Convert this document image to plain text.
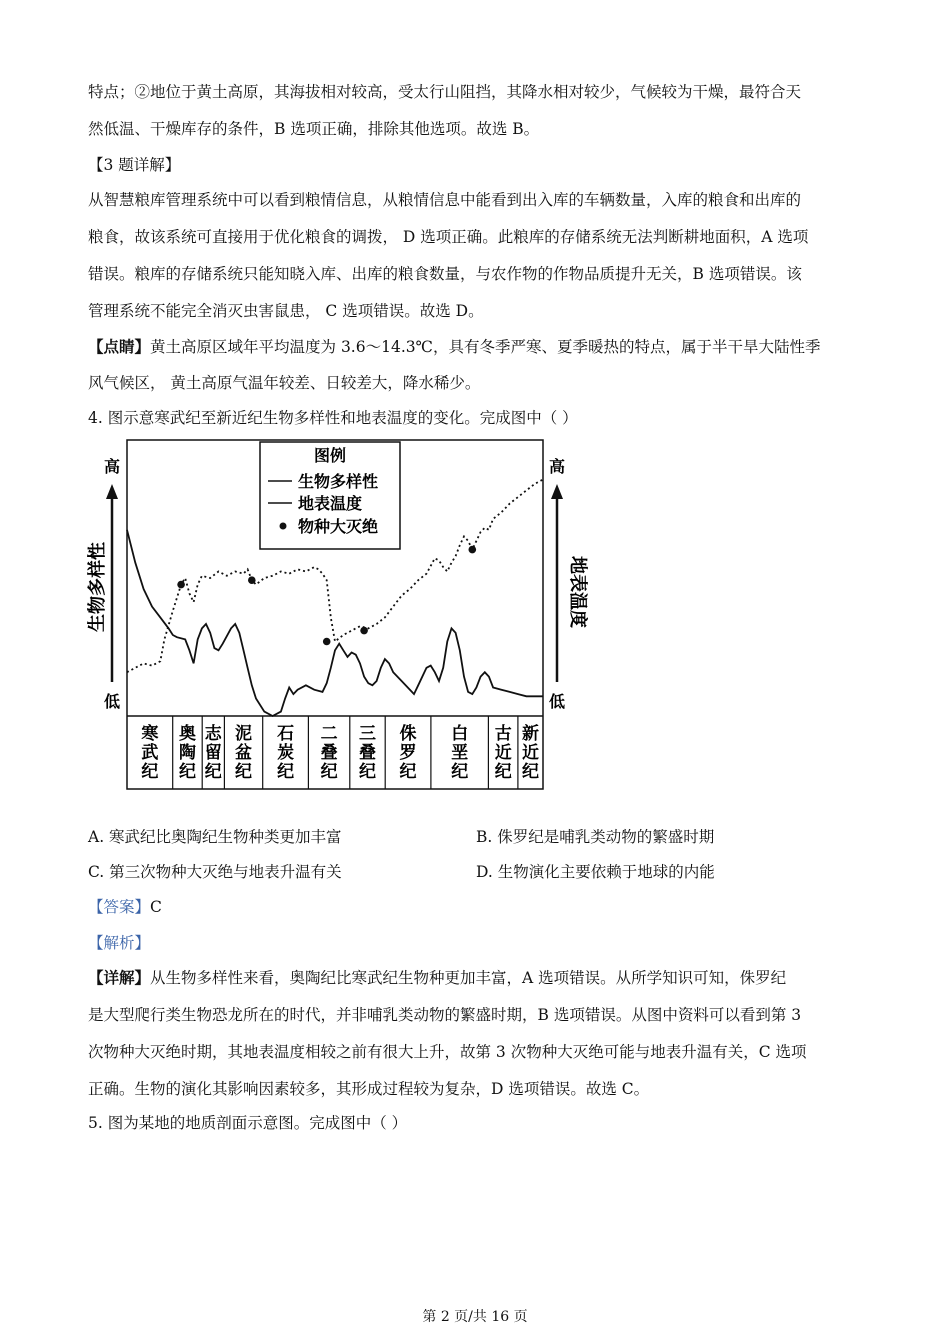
特点；②地位于黄土高原，其海拔相对较高，受太行山阻挡，其降水相对较少，气候较为干燥，最符合天
然低温、干燥库存的条件，B 选项正确，排除其他选项。故选 B。
【3 题详解】
从智慧粮库管理系统中可以看到粮情信息，从粮情信息中能看到出入库的车辆数量，入库的粮食和出库的
粮食，故该系统可直接用于优化粮食的调拨， D 选项正确。此粮库的存储系统无法判断耕地面积，A 选项
错误。粮库的存储系统只能知晓入库、出库的粮食数量，与农作物的作物品质提升无关，B 选项错误。该
管理系统不能完全消灭虫害鼠患， C 选项错误。故选 D。
【点睛】黄土高原区域年平均温度为 3.6～14.3℃，具有冬季严寒、夏季暖热的特点，属于半干旱大陆性季
风气候区， 黄土高原气温年较差、日较差大，降水稀少。
4. 图示意寒武纪至新近纪生物多样性和地表温度的变化。完成图中（ ）
寒武纪
奥陶纪
志留纪
泥盆纪
石炭纪
二叠纪
三叠纪
侏罗纪
白垩纪
古近纪
新近纪
高
低
生物多样性
高
低
地表温度
图例
生物多样性
地表温度
物种大灭绝
A. 寒武纪比奥陶纪生物种类更加丰富	B. 侏罗纪是哺乳类动物的繁盛时期
C. 第三次物种大灭绝与地表升温有关	D. 生物演化主要依赖于地球的内能
【答案】C
【解析】
【详解】从生物多样性来看，奥陶纪比寒武纪生物种更加丰富，A 选项错误。从所学知识可知，侏罗纪
是大型爬行类生物恐龙所在的时代，并非哺乳类动物的繁盛时期，B 选项错误。从图中资料可以看到第 3
次物种大灭绝时期，其地表温度相较之前有很大上升，故第 3 次物种大灭绝可能与地表升温有关，C 选项
正确。生物的演化其影响因素较多，其形成过程较为复杂，D 选项错误。故选 C。
5. 图为某地的地质剖面示意图。完成图中（ ）
第 2 页/共 16 页
